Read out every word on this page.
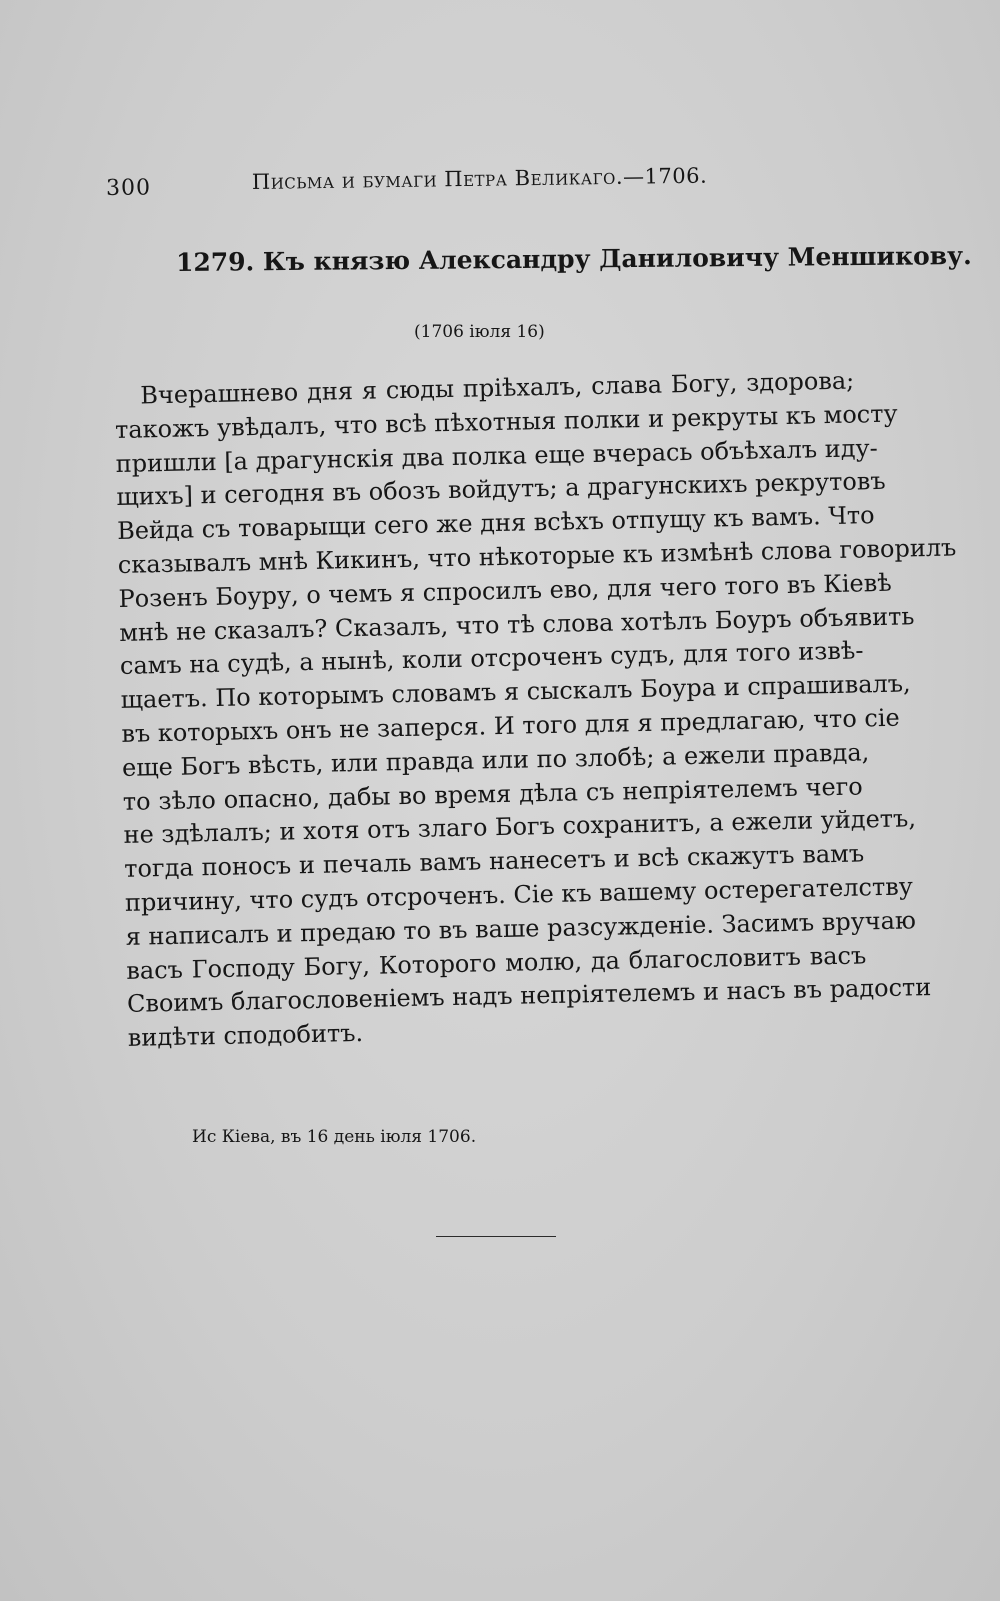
300	Письма и бумаги Петра Великаго.—1706.
1279. Къ князю Александру Даниловичу Меншикову.
(1706 іюля 16)
Вчерашнево дня я сюды пріѣхалъ, слава Богу, здорова;
такожъ увѣдалъ, что всѣ пѣхотныя полки и рекруты къ мосту
пришли [а драгунскія два полка еще вчерась объѣхалъ иду-
щихъ] и сегодня въ обозъ войдутъ; а драгунскихъ рекрутовъ
Вейда съ товарыщи сего же дня всѣхъ отпущу къ вамъ. Что
сказывалъ мнѣ Кикинъ, что нѣкоторые къ измѣнѣ слова говорилъ
Розенъ Боуру, о чемъ я спросилъ ево, для чего того въ Кіевѣ
мнѣ не сказалъ? Сказалъ, что тѣ слова хотѣлъ Боуръ объявить
самъ на судѣ, а нынѣ, коли отсроченъ судъ, для того извѣ-
щаетъ. По которымъ словамъ я сыскалъ Боура и спрашивалъ,
въ которыхъ онъ не заперся. И того для я предлагаю, что сіе
еще Богъ вѣсть, или правда или по злобѣ; а ежели правда,
то зѣло опасно, дабы во время дѣла съ непріятелемъ чего
не здѣлалъ; и хотя отъ злаго Богъ сохранитъ, а ежели уйдетъ,
тогда поносъ и печаль вамъ нанесетъ и всѣ скажутъ вамъ
причину, что судъ отсроченъ. Сіе къ вашему остерегателству
я написалъ и предаю то въ ваше разсужденіе. Засимъ вручаю
васъ Господу Богу, Которого молю, да благословитъ васъ
Своимъ благословеніемъ надъ непріятелемъ и насъ въ радости
видѣти сподобитъ.
Ис Кіева, въ 16 день іюля 1706.
